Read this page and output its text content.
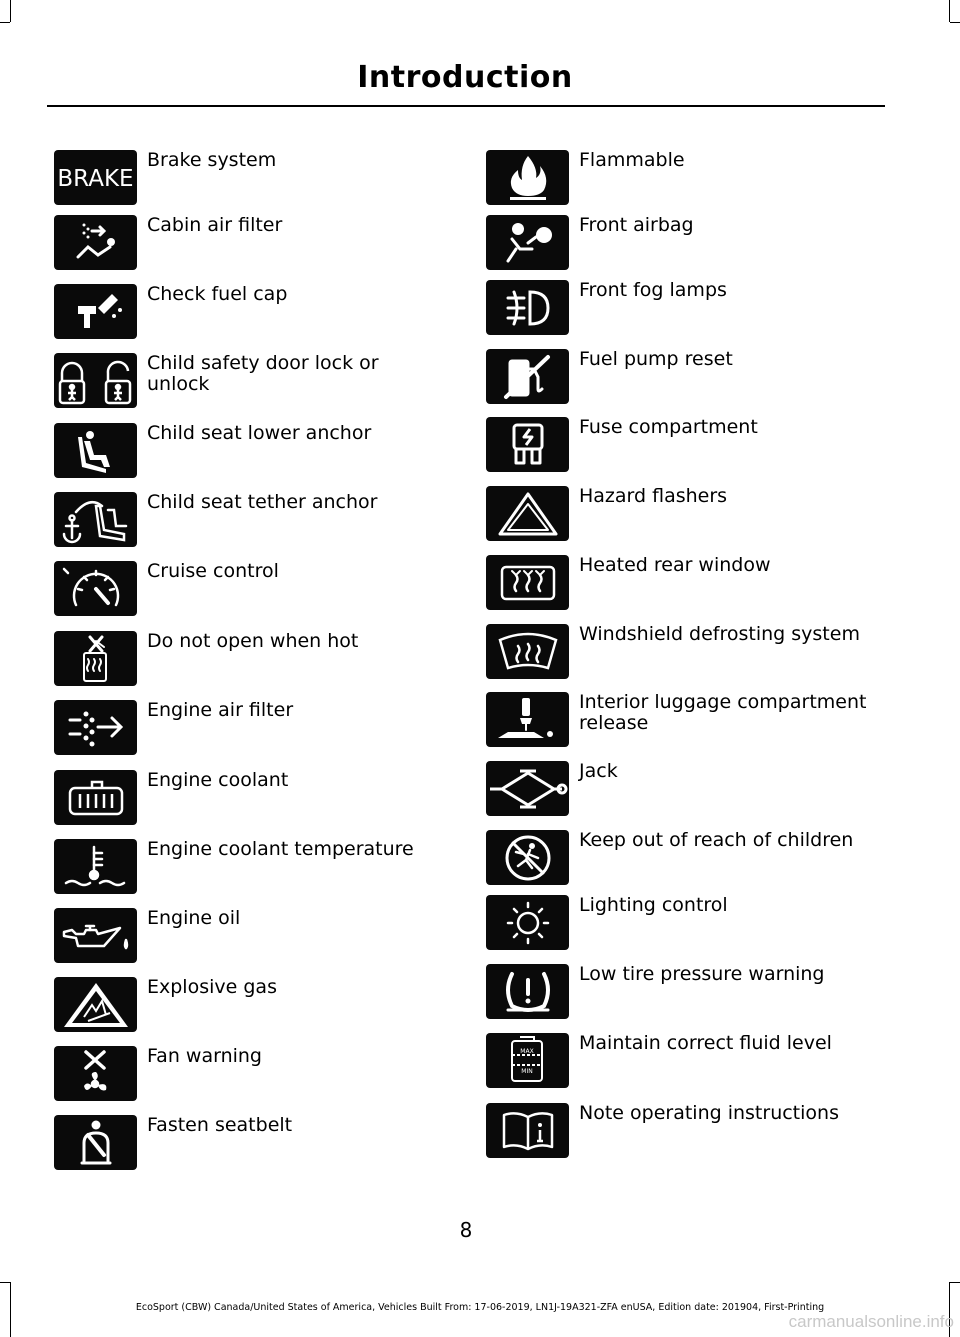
Introduction
BRAKE
Brake system
Cabin air filter
Check fuel cap
Child safety door lock or unlock
Child seat lower anchor
Child seat tether anchor
Cruise control
Do not open when hot
Engine air filter
Engine coolant
Engine coolant temperature
Engine oil
Explosive gas
Fan warning
Fasten seatbelt
Flammable
Front airbag
Front fog lamps
Fuel pump reset
Fuse compartment
Hazard flashers
Heated rear window
Windshield defrosting system
Interior luggage compartment release
Jack
Keep out of reach of children
Lighting control
Low tire pressure warning
MAX
MIN
Maintain correct fluid level
Note operating instructions
8
EcoSport (CBW) Canada/United States of America, Vehicles Built From: 17-06-2019, LN1J-19A321-ZFA enUSA, Edition date: 201904, First-Printing
carmanualsonline.info
